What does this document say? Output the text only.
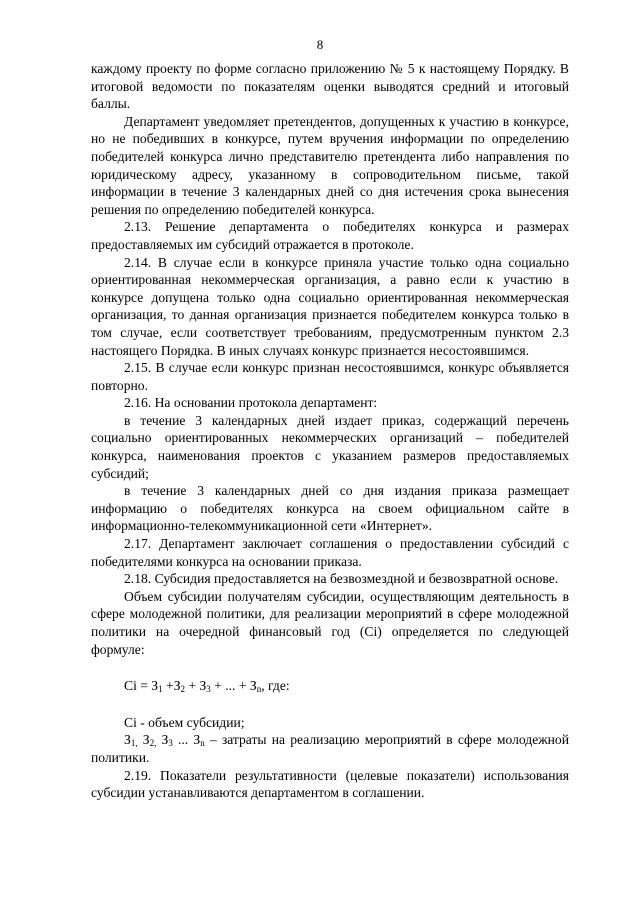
8

каждому проекту по форме согласно приложению № 5 к настоящему Порядку. В итоговой ведомости по показателям оценки выводятся средний и итоговый баллы.

Департамент уведомляет претендентов, допущенных к участию в конкурсе, но не победивших в конкурсе, путем вручения информации по определению победителей конкурса лично представителю претендента либо направления по юридическому адресу, указанному в сопроводительном письме, такой информации в течение 3 календарных дней со дня истечения срока вынесения решения по определению победителей конкурса.

2.13. Решение департамента о победителях конкурса и размерах предоставляемых им субсидий отражается в протоколе.

2.14. В случае если в конкурсе приняла участие только одна социально ориентированная некоммерческая организация, а равно если к участию в конкурсе допущена только одна социально ориентированная некоммерческая организация, то данная организация признается победителем конкурса только в том случае, если соответствует требованиям, предусмотренным пунктом 2.3 настоящего Порядка. В иных случаях конкурс признается несостоявшимся.

2.15. В случае если конкурс признан несостоявшимся, конкурс объявляется повторно.

2.16. На основании протокола департамент:

в течение 3 календарных дней издает приказ, содержащий перечень социально ориентированных некоммерческих организаций – победителей конкурса, наименования проектов с указанием размеров предоставляемых субсидий;

в течение 3 календарных дней со дня издания приказа размещает информацию о победителях конкурса на своем официальном сайте в информационно-телекоммуникационной сети «Интернет».

2.17. Департамент заключает соглашения о предоставлении субсидий с победителями конкурса на основании приказа.

2.18. Субсидия предоставляется на безвозмездной и безвозвратной основе.

Объем субсидии получателям субсидии, осуществляющим деятельность в сфере молодежной политики, для реализации мероприятий в сфере молодежной политики на очередной финансовый год (Ci) определяется по следующей формуле:

$Ci = З_1 +З_2 + З_3$ + ... + $З_n$, где:

Ci - объем субсидии;

$З_{1,}$ $З_{2,}$ $З_3$ ... $З_n$ – затраты на реализацию мероприятий в сфере молодежной политики.

2.19. Показатели результативности (целевые показатели) использования субсидии устанавливаются департаментом в соглашении.
